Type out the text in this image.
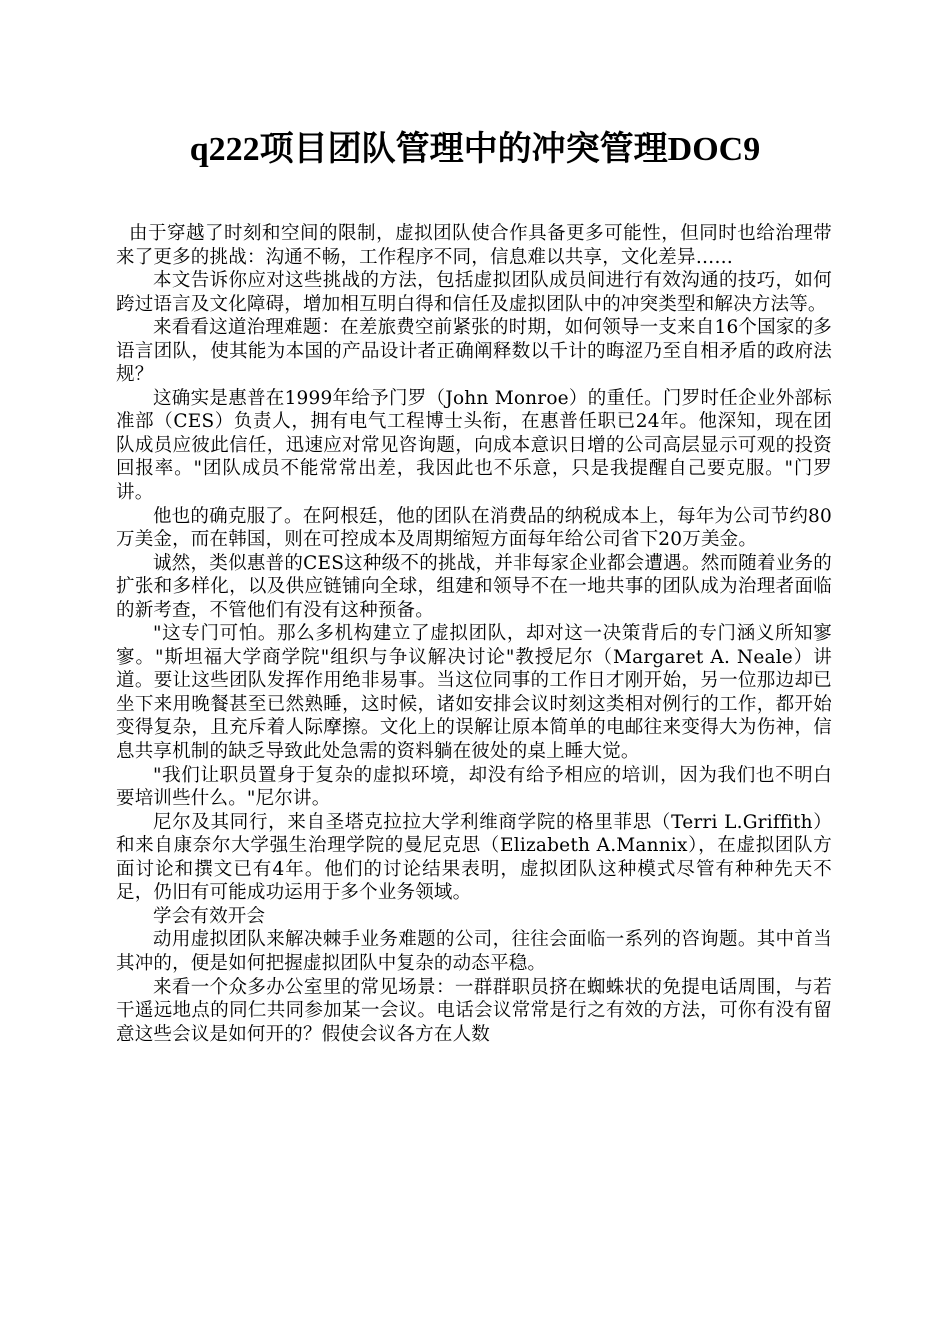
q222项目团队管理中的冲突管理DOC9

由于穿越了时刻和空间的限制，虚拟团队使合作具备更多可能性，但同时也给治理带来了更多的挑战：沟通不畅，工作程序不同，信息难以共享，文化差异……

本文告诉你应对这些挑战的方法，包括虚拟团队成员间进行有效沟通的技巧，如何跨过语言及文化障碍，增加相互明白得和信任及虚拟团队中的冲突类型和解决方法等。

来看看这道治理难题：在差旅费空前紧张的时期，如何领导一支来自16个国家的多语言团队，使其能为本国的产品设计者正确阐释数以千计的晦涩乃至自相矛盾的政府法规？

这确实是惠普在1999年给予门罗（John Monroe）的重任。门罗时任企业外部标准部（CES）负责人，拥有电气工程博士头衔，在惠普任职已24年。他深知，现在团队成员应彼此信任，迅速应对常见咨询题，向成本意识日增的公司高层显示可观的投资回报率。"团队成员不能常常出差，我因此也不乐意，只是我提醒自己要克服。"门罗讲。

他也的确克服了。在阿根廷，他的团队在消费品的纳税成本上，每年为公司节约80万美金，而在韩国，则在可控成本及周期缩短方面每年给公司省下20万美金。

诚然，类似惠普的CES这种级不的挑战，并非每家企业都会遭遇。然而随着业务的扩张和多样化，以及供应链铺向全球，组建和领导不在一地共事的团队成为治理者面临的新考查，不管他们有没有这种预备。

"这专门可怕。那么多机构建立了虚拟团队，却对这一决策背后的专门涵义所知寥寥。"斯坦福大学商学院"组织与争议解决讨论"教授尼尔（Margaret A. Neale）讲道。要让这些团队发挥作用绝非易事。当这位同事的工作日才刚开始，另一位那边却已坐下来用晚餐甚至已然熟睡，这时候，诸如安排会议时刻这类相对例行的工作，都开始变得复杂，且充斥着人际摩擦。文化上的误解让原本简单的电邮往来变得大为伤神，信息共享机制的缺乏导致此处急需的资料躺在彼处的桌上睡大觉。

"我们让职员置身于复杂的虚拟环境，却没有给予相应的培训，因为我们也不明白要培训些什么。"尼尔讲。

尼尔及其同行，来自圣塔克拉拉大学利维商学院的格里菲思（Terri L.Griffith）和来自康奈尔大学强生治理学院的曼尼克思（Elizabeth A.Mannix），在虚拟团队方面讨论和撰文已有4年。他们的讨论结果表明，虚拟团队这种模式尽管有种种先天不足，仍旧有可能成功运用于多个业务领域。

学会有效开会

动用虚拟团队来解决棘手业务难题的公司，往往会面临一系列的咨询题。其中首当其冲的，便是如何把握虚拟团队中复杂的动态平稳。

来看一个众多办公室里的常见场景：一群群职员挤在蜘蛛状的免提电话周围，与若干遥远地点的同仁共同参加某一会议。电话会议常常是行之有效的方法，可你有没有留意这些会议是如何开的？假使会议各方在人数
